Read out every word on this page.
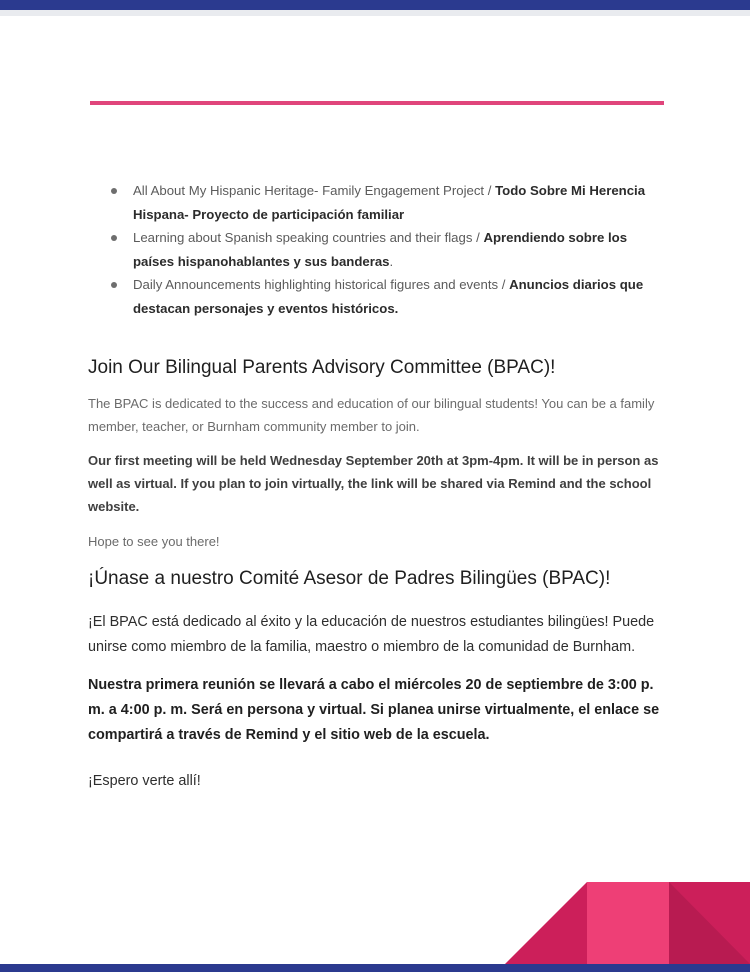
All About My Hispanic Heritage- Family Engagement Project / Todo Sobre Mi Herencia Hispana- Proyecto de participación familiar
Learning about Spanish speaking countries and their flags / Aprendiendo sobre los países hispanohablantes y sus banderas.
Daily Announcements highlighting historical figures and events / Anuncios diarios que destacan personajes y eventos históricos.
Join Our Bilingual Parents Advisory Committee (BPAC)!

The BPAC is dedicated to the success and education of our bilingual students! You can be a family member, teacher, or Burnham community member to join.

Our first meeting will be held Wednesday September 20th at 3pm-4pm. It will be in person as well as virtual. If you plan to join virtually, the link will be shared via Remind and the school website.

Hope to see you there!

¡Únase a nuestro Comité Asesor de Padres Bilingües (BPAC)!

¡El BPAC está dedicado al éxito y la educación de nuestros estudiantes bilingües! Puede unirse como miembro de la familia, maestro o miembro de la comunidad de Burnham.

Nuestra primera reunión se llevará a cabo el miércoles 20 de septiembre de 3:00 p. m. a 4:00 p. m. Será en persona y virtual. Si planea unirse virtualmente, el enlace se compartirá a través de Remind y el sitio web de la escuela.

¡Espero verte allí!
